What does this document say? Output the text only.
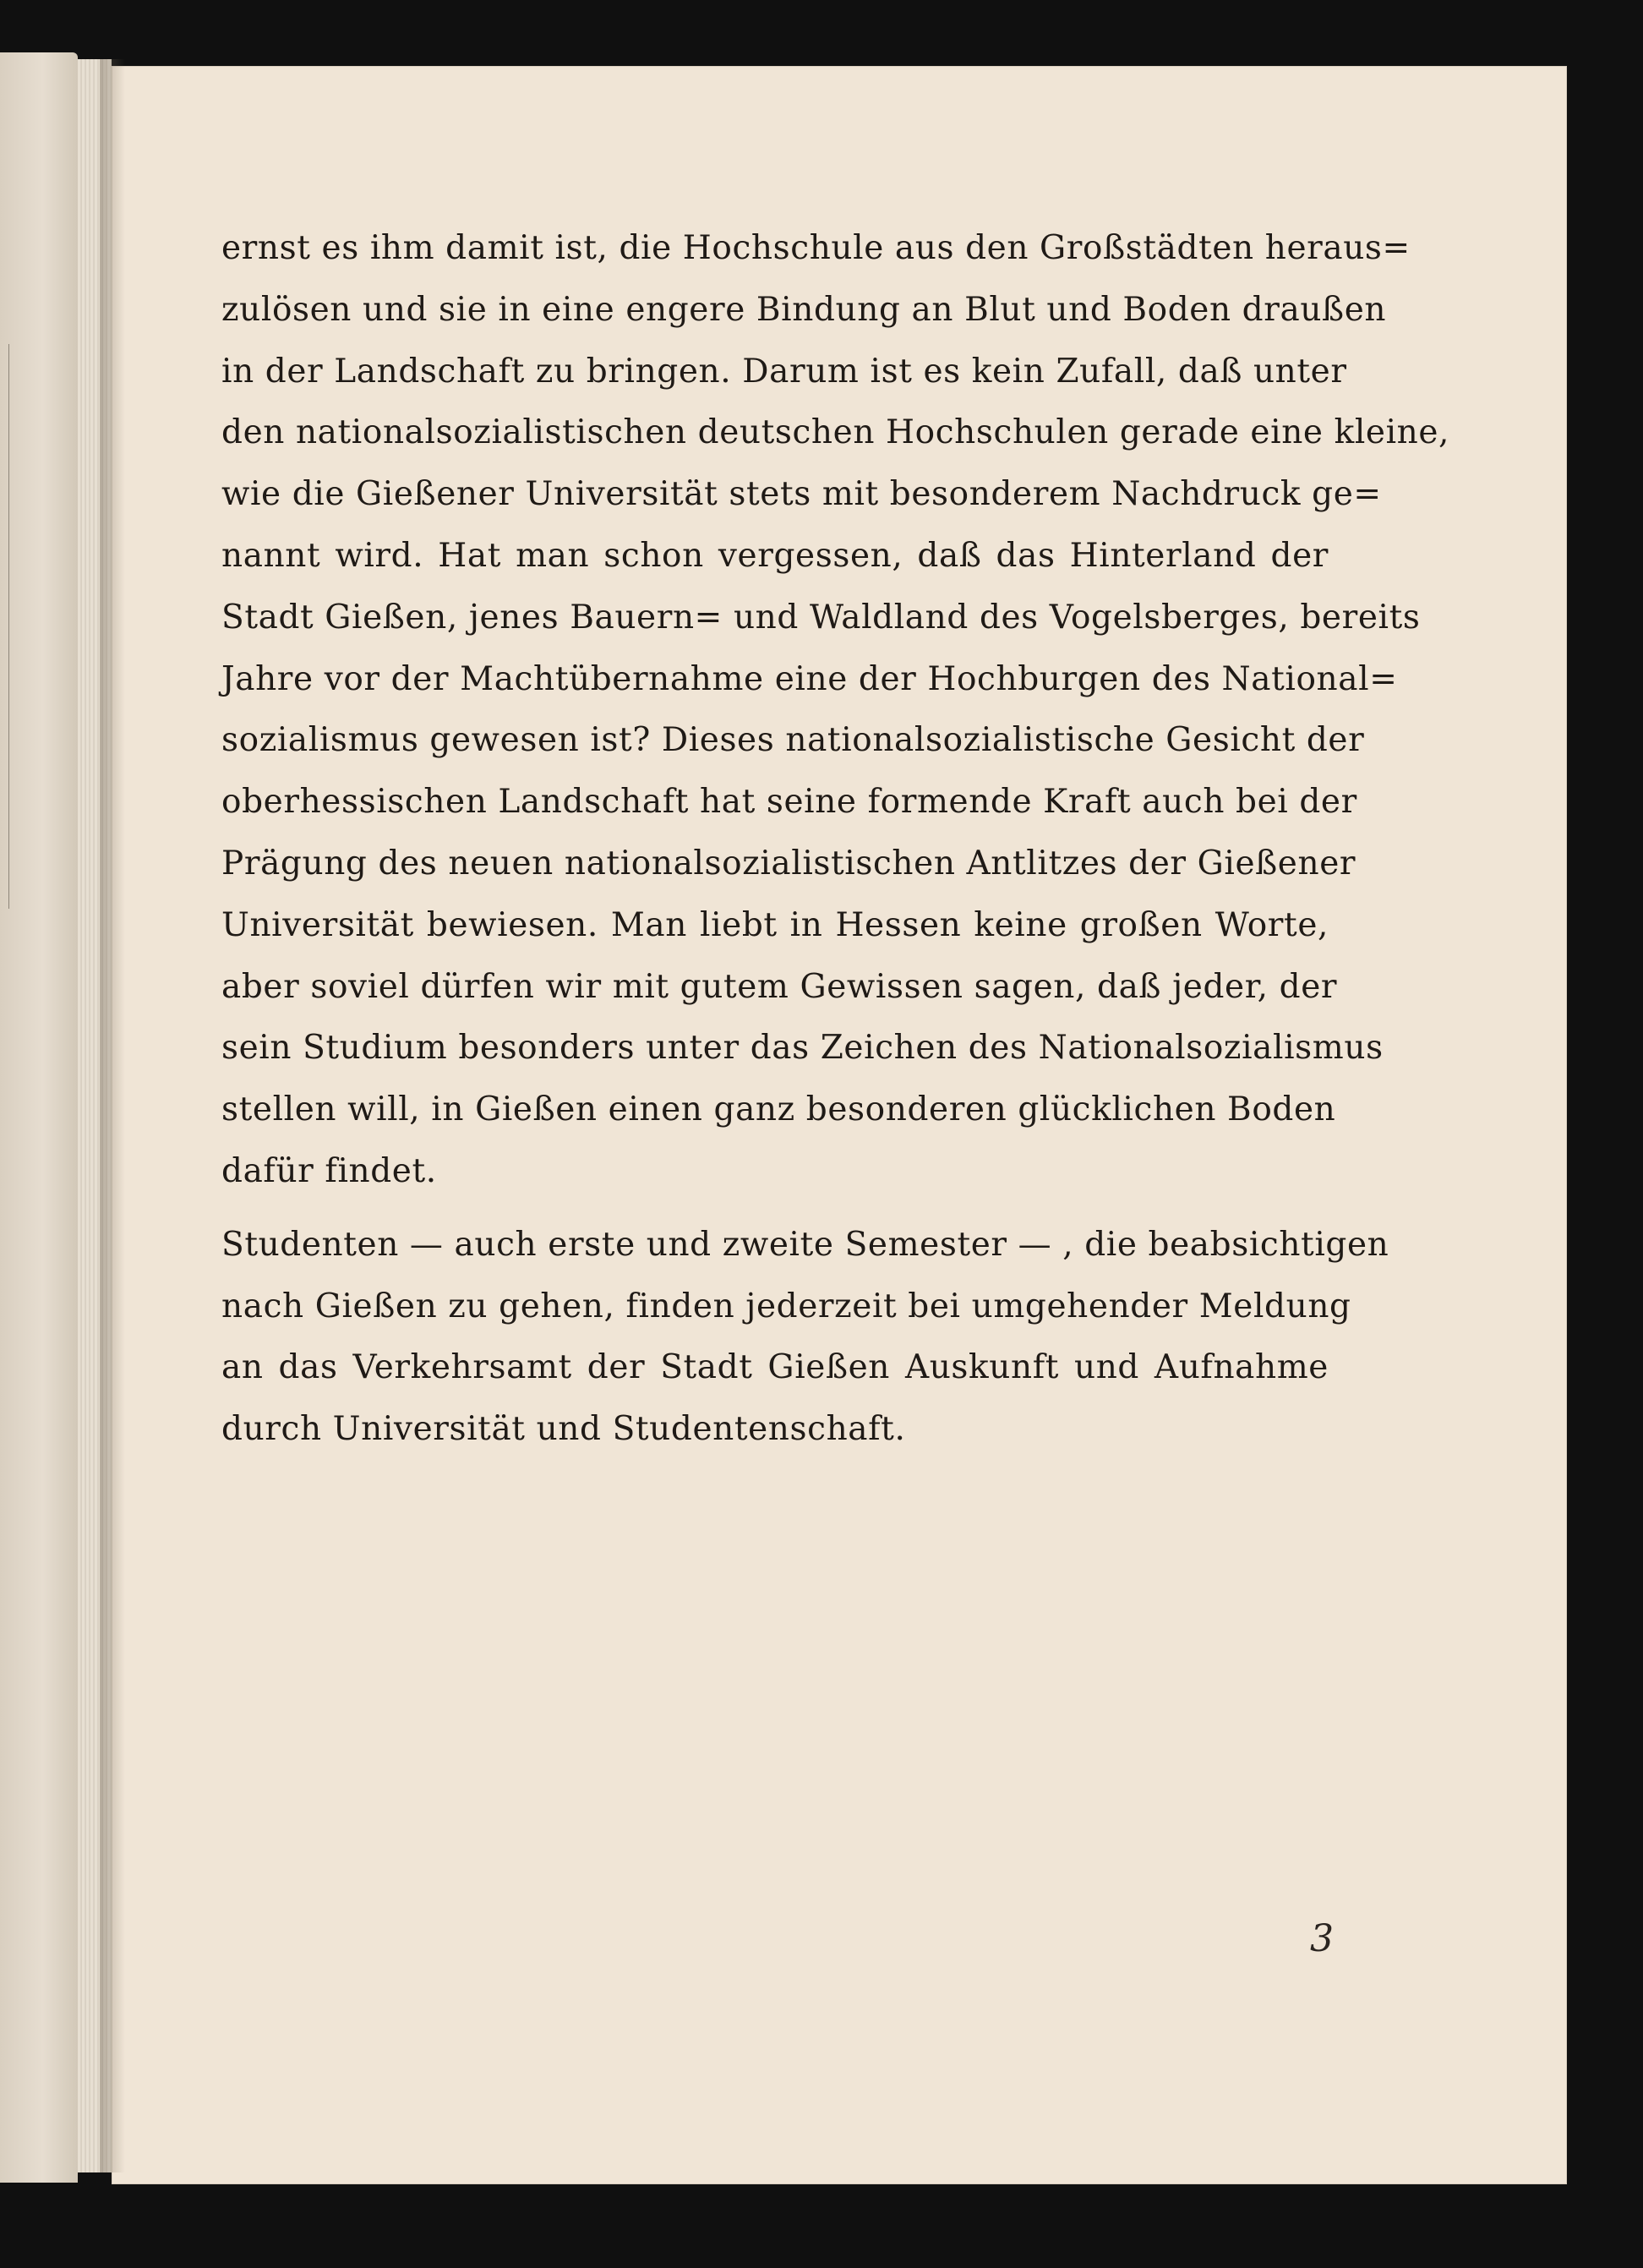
ernst es ihm damit ist, die Hochschule aus den Großstädten heraus=
zulösen und sie in eine engere Bindung an Blut und Boden draußen
in der Landschaft zu bringen. Darum ist es kein Zufall, daß unter
den nationalsozialistischen deutschen Hochschulen gerade eine kleine,
wie die Gießener Universität stets mit besonderem Nachdruck ge=
nannt wird. Hat man schon vergessen, daß das Hinterland der
Stadt Gießen, jenes Bauern= und Waldland des Vogelsberges, bereits
Jahre vor der Machtübernahme eine der Hochburgen des National=
sozialismus gewesen ist? Dieses nationalsozialistische Gesicht der
oberhessischen Landschaft hat seine formende Kraft auch bei der
Prägung des neuen nationalsozialistischen Antlitzes der Gießener
Universität bewiesen. Man liebt in Hessen keine großen Worte,
aber soviel dürfen wir mit gutem Gewissen sagen, daß jeder, der
sein Studium besonders unter das Zeichen des Nationalsozialismus
stellen will, in Gießen einen ganz besonderen glücklichen Boden
dafür findet.

Studenten — auch erste und zweite Semester — , die beabsichtigen
nach Gießen zu gehen, finden jederzeit bei umgehender Meldung
an das Verkehrsamt der Stadt Gießen Auskunft und Aufnahme
durch Universität und Studentenschaft.

3
